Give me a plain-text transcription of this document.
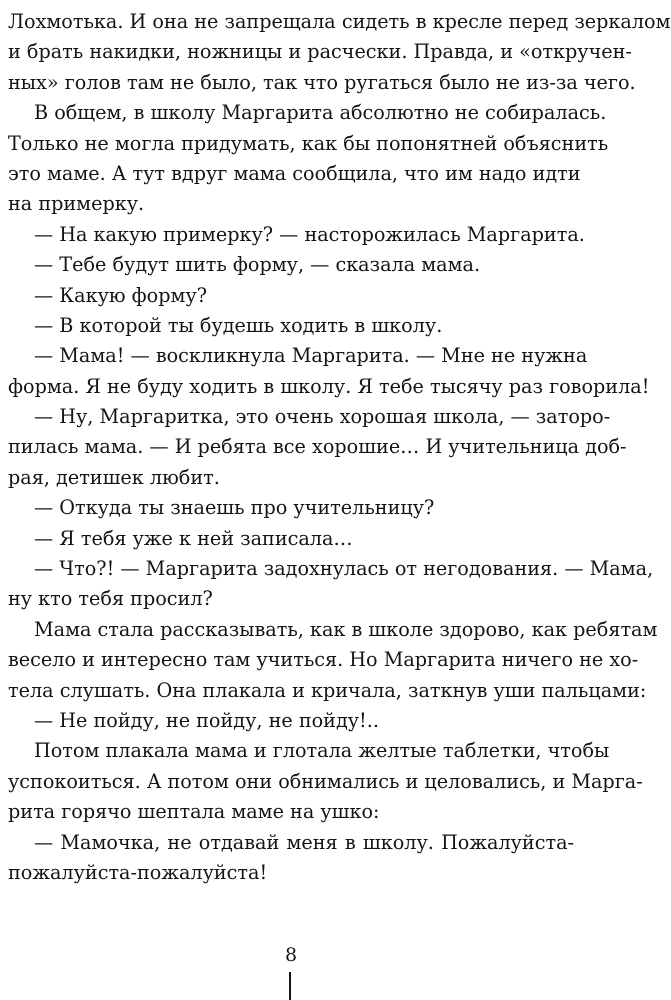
Лохмотька. И она не запрещала сидеть в кресле перед зеркалом
и брать накидки, ножницы и расчески. Правда, и «откручен-
ных» голов там не было, так что ругаться было не из-за чего.
В общем, в школу Маргарита абсолютно не собиралась.
Только не могла придумать, как бы попонятней объяснить
это маме. А тут вдруг мама сообщила, что им надо идти
на примерку.
— На какую примерку? — насторожилась Маргарита.
— Тебе будут шить форму, — сказала мама.
— Какую форму?
— В которой ты будешь ходить в школу.
— Мама! — воскликнула Маргарита. — Мне не нужна
форма. Я не буду ходить в школу. Я тебе тысячу раз говорила!
— Ну, Маргаритка, это очень хорошая школа, — заторо-
пилась мама. — И ребята все хорошие… И учительница доб-
рая, детишек любит.
— Откуда ты знаешь про учительницу?
— Я тебя уже к ней записала…
— Что?! — Маргарита задохнулась от негодования. — Мама,
ну кто тебя просил?
Мама стала рассказывать, как в школе здорово, как ребятам
весело и интересно там учиться. Но Маргарита ничего не хо-
тела слушать. Она плакала и кричала, заткнув уши пальцами:
— Не пойду, не пойду, не пойду!..
Потом плакала мама и глотала желтые таблетки, чтобы
успокоиться. А потом они обнимались и целовались, и Марга-
рита горячо шептала маме на ушко:
— Мамочка, не отдавай меня в школу. Пожалуйста-
пожалуйста-пожалуйста!
8
